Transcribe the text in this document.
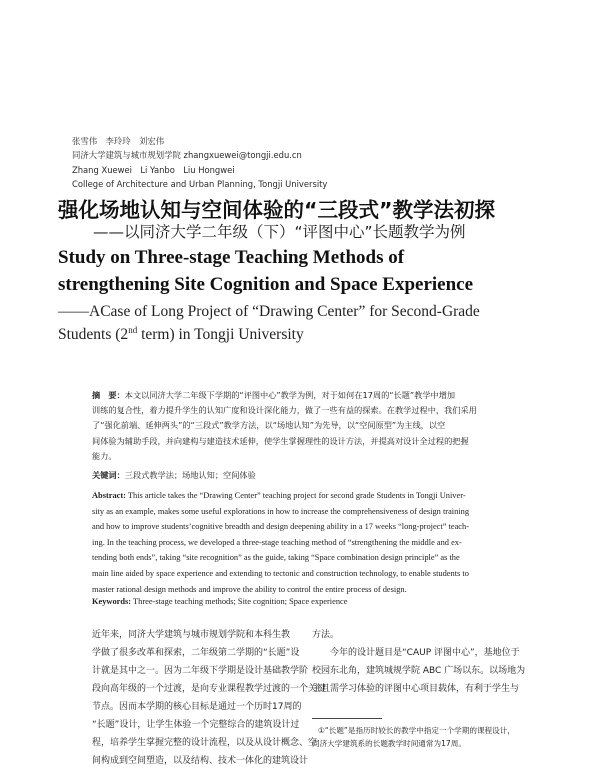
张雪伟　李玲玲　刘宏伟
同济大学建筑与城市规划学院 zhangxuewei@tongji.edu.cn
Zhang Xuewei　Li Yanbo　Liu Hongwei
College of Architecture and Urban Planning, Tongji University
强化场地认知与空间体验的“三段式”教学法初探
——以同济大学二年级（下）“评图中心”长题教学为例
Study on Three-stage Teaching Methods of
strengthening Site Cognition and Space Experience
——ACase of Long Project of “Drawing Center” for Second-Grade
Students (2nd term) in Tongji University
摘　要：本文以同济大学二年级下学期的“评图中心”教学为例，对于如何在17周的“长题”教学中增加
训练的复合性，着力提升学生的认知广度和设计深化能力，做了一些有益的探索。在教学过程中，我们采用
了“强化前端、延伸两头”的“三段式”教学方法，以“场地认知”为先导，以“空间原型”为主线，以空
间体验为辅助手段，并向建构与建造技术延伸，使学生掌握理性的设计方法，并提高对设计全过程的把握
能力。
关键词：三段式教学法；场地认知；空间体验
Abstract: This article takes the “Drawing Center” teaching project for second grade Students in Tongji Univer-
sity as an example, makes some useful explorations in how to increase the comprehensiveness of design training
and how to improve students’cognitive breadth and design deepening ability in a 17 weeks “long-project” teach-
ing. In the teaching process, we developed a three-stage teaching method of “strengthening the middle and ex-
tending both ends”, taking “site recognition” as the guide, taking “Space combination design principle” as the
main line aided by space experience and extending to tectonic and construction technology, to enable students to
master rational design methods and improve the ability to control the entire process of design.
Keywords: Three-stage teaching methods; Site cognition; Space experience
近年来，同济大学建筑与城市规划学院和本科生教
学做了很多改革和探索，二年级第二学期的“长题”设
计就是其中之一。因为二年级下学期是设计基础教学阶
段向高年级的一个过渡，是向专业课程教学过渡的一个关键
节点。因而本学期的核心目标是通过一个历时17周的
“长题”设计，让学生体验一个完整综合的建筑设计过
程，培养学生掌握完整的设计流程，以及从设计概念、空
间构成到空间塑造，以及结构、技术一体化的建筑设计
方法。
今年的设计题目是“CAUP 评图中心”，基地位于
校园东北角，建筑城规学院 ABC 广场以东。以场地为
主且需学习体验的评图中心项目载体，有利于学生与
①“长题”是指历时较长的教学中指定一个学期的课程设计，
同济大学建筑系的长题教学时间通常为17周。
